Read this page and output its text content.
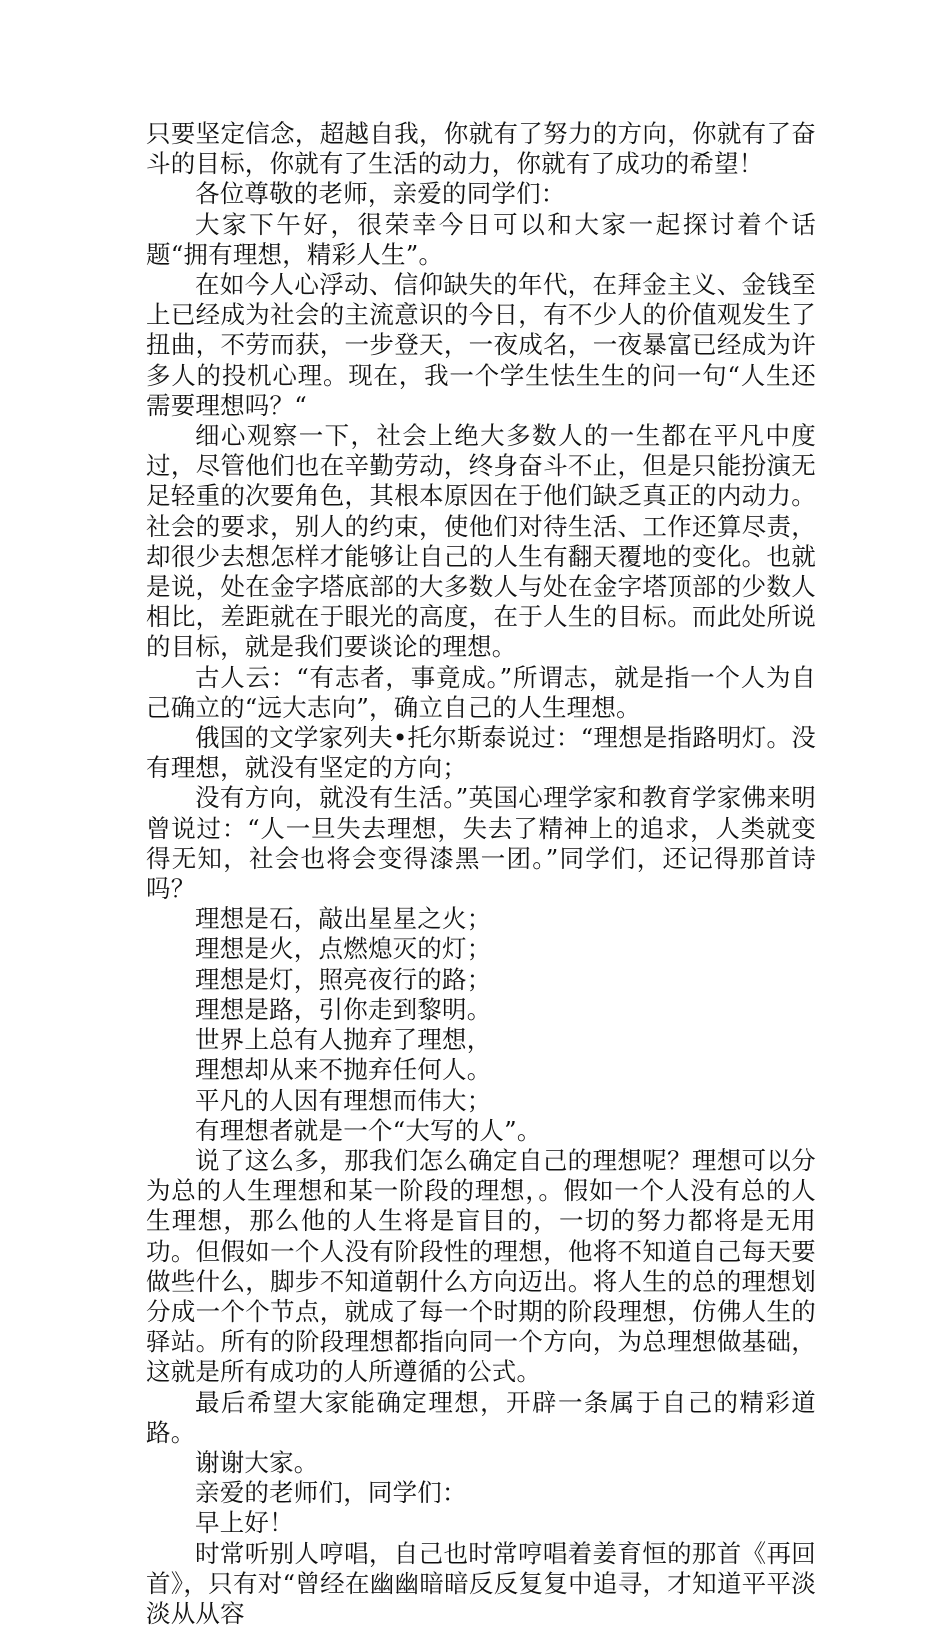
只要坚定信念，超越自我，你就有了努力的方向，你就有了奋斗的目标，你就有了生活的动力，你就有了成功的希望！

各位尊敬的老师，亲爱的同学们：

大家下午好，很荣幸今日可以和大家一起探讨着个话题“拥有理想，精彩人生”。

在如今人心浮动、信仰缺失的年代，在拜金主义、金钱至上已经成为社会的主流意识的今日，有不少人的价值观发生了扭曲，不劳而获，一步登天，一夜成名，一夜暴富已经成为许多人的投机心理。现在，我一个学生怯生生的问一句“人生还需要理想吗？“

细心观察一下，社会上绝大多数人的一生都在平凡中度过，尽管他们也在辛勤劳动，终身奋斗不止，但是只能扮演无足轻重的次要角色，其根本原因在于他们缺乏真正的内动力。社会的要求，别人的约束，使他们对待生活、工作还算尽责，却很少去想怎样才能够让自己的人生有翻天覆地的变化。也就是说，处在金字塔底部的大多数人与处在金字塔顶部的少数人相比，差距就在于眼光的高度，在于人生的目标。而此处所说的目标，就是我们要谈论的理想。

古人云：“有志者，事竟成。”所谓志，就是指一个人为自己确立的“远大志向”，确立自己的人生理想。

俄国的文学家列夫•托尔斯泰说过：“理想是指路明灯。没有理想，就没有坚定的方向；

没有方向，就没有生活。”英国心理学家和教育学家佛来明曾说过：“人一旦失去理想，失去了精神上的追求，人类就变得无知，社会也将会变得漆黑一团。”同学们，还记得那首诗吗？

理想是石，敲出星星之火；

理想是火，点燃熄灭的灯；

理想是灯，照亮夜行的路；

理想是路，引你走到黎明。

世界上总有人抛弃了理想，

理想却从来不抛弃任何人。

平凡的人因有理想而伟大；

有理想者就是一个“大写的人”。

说了这么多，那我们怎么确定自己的理想呢？理想可以分为总的人生理想和某一阶段的理想，。假如一个人没有总的人生理想，那么他的人生将是盲目的，一切的努力都将是无用功。但假如一个人没有阶段性的理想，他将不知道自己每天要做些什么，脚步不知道朝什么方向迈出。将人生的总的理想划分成一个个节点，就成了每一个时期的阶段理想，仿佛人生的驿站。所有的阶段理想都指向同一个方向，为总理想做基础，这就是所有成功的人所遵循的公式。

最后希望大家能确定理想，开辟一条属于自己的精彩道路。

谢谢大家。

亲爱的老师们，同学们：

早上好！

时常听别人哼唱，自己也时常哼唱着姜育恒的那首《再回首》，只有对“曾经在幽幽暗暗反反复复中追寻，才知道平平淡淡从从容
